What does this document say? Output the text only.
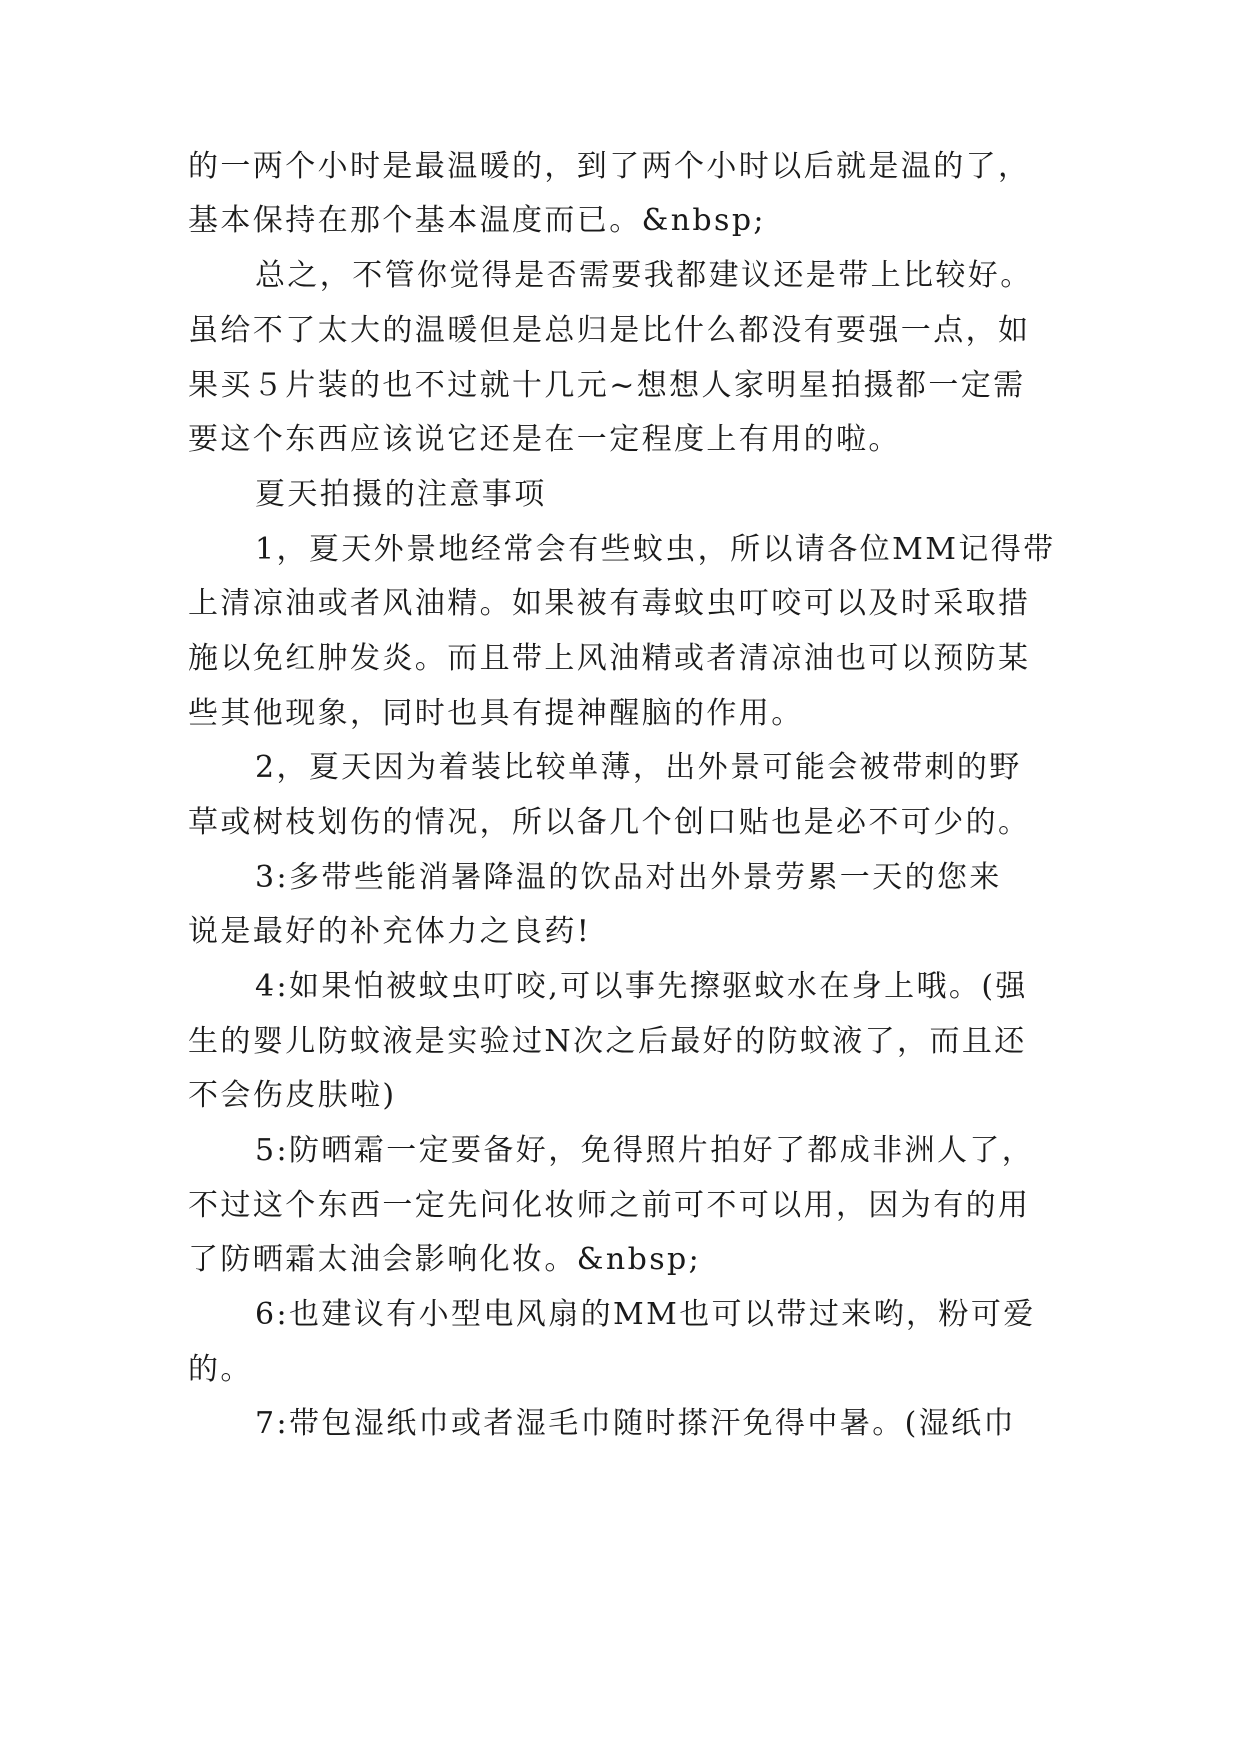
的一两个小时是最温暖的，到了两个小时以后就是温的了，
基本保持在那个基本温度而已。&nbsp;
总之，不管你觉得是否需要我都建议还是带上比较好。
虽给不了太大的温暖但是总归是比什么都没有要强一点，如
果买５片装的也不过就十几元~想想人家明星拍摄都一定需
要这个东西应该说它还是在一定程度上有用的啦。
夏天拍摄的注意事项
1，夏天外景地经常会有些蚊虫，所以请各位MM记得带
上清凉油或者风油精。如果被有毒蚊虫叮咬可以及时采取措
施以免红肿发炎。而且带上风油精或者清凉油也可以预防某
些其他现象，同时也具有提神醒脑的作用。
2，夏天因为着装比较单薄，出外景可能会被带刺的野
草或树枝划伤的情况，所以备几个创口贴也是必不可少的。
3:多带些能消暑降温的饮品对出外景劳累一天的您来
说是最好的补充体力之良药!
4:如果怕被蚊虫叮咬,可以事先擦驱蚊水在身上哦。(强
生的婴儿防蚊液是实验过N次之后最好的防蚊液了，而且还
不会伤皮肤啦)
5:防晒霜一定要备好，免得照片拍好了都成非洲人了，
不过这个东西一定先问化妆师之前可不可以用，因为有的用
了防晒霜太油会影响化妆。&nbsp;
6:也建议有小型电风扇的MM也可以带过来哟，粉可爱
的。
7:带包湿纸巾或者湿毛巾随时搽汗免得中暑。(湿纸巾
